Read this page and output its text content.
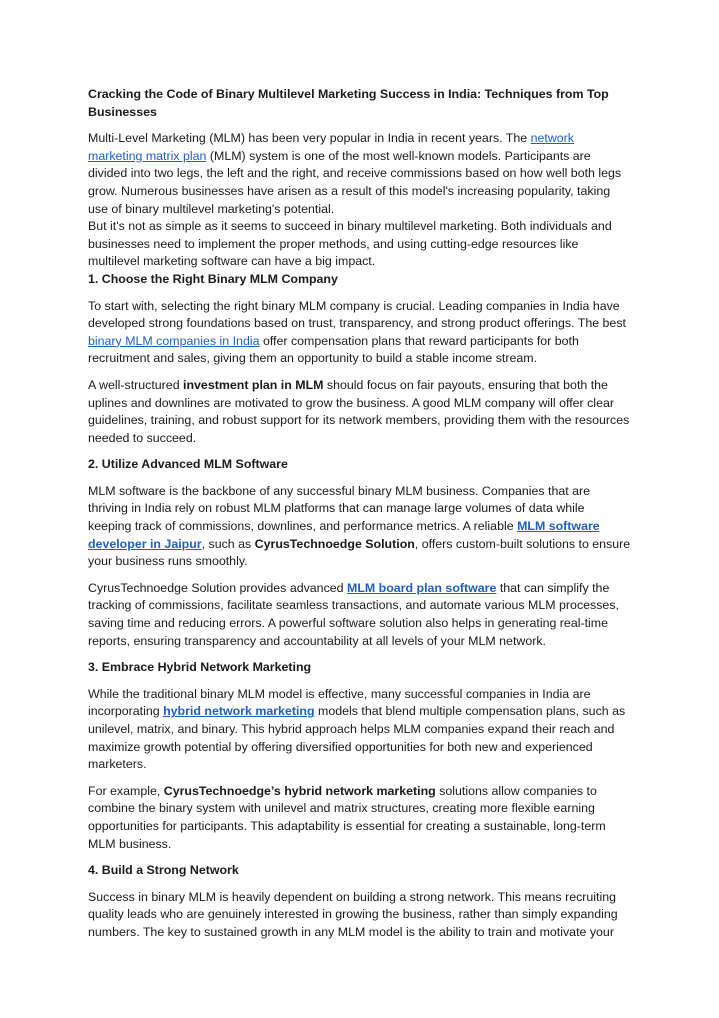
Cracking the Code of Binary Multilevel Marketing Success in India: Techniques from Top Businesses

Multi-Level Marketing (MLM) has been very popular in India in recent years. The network marketing matrix plan (MLM) system is one of the most well-known models. Participants are divided into two legs, the left and the right, and receive commissions based on how well both legs grow. Numerous businesses have arisen as a result of this model's increasing popularity, taking use of binary multilevel marketing's potential.

But it's not as simple as it seems to succeed in binary multilevel marketing. Both individuals and businesses need to implement the proper methods, and using cutting-edge resources like multilevel marketing software can have a big impact.

1. Choose the Right Binary MLM Company

To start with, selecting the right binary MLM company is crucial. Leading companies in India have developed strong foundations based on trust, transparency, and strong product offerings. The best binary MLM companies in India offer compensation plans that reward participants for both recruitment and sales, giving them an opportunity to build a stable income stream.

A well-structured investment plan in MLM should focus on fair payouts, ensuring that both the uplines and downlines are motivated to grow the business. A good MLM company will offer clear guidelines, training, and robust support for its network members, providing them with the resources needed to succeed.

2. Utilize Advanced MLM Software

MLM software is the backbone of any successful binary MLM business. Companies that are thriving in India rely on robust MLM platforms that can manage large volumes of data while keeping track of commissions, downlines, and performance metrics. A reliable MLM software developer in Jaipur, such as CyrusTechnoedge Solution, offers custom-built solutions to ensure your business runs smoothly.

CyrusTechnoedge Solution provides advanced MLM board plan software that can simplify the tracking of commissions, facilitate seamless transactions, and automate various MLM processes, saving time and reducing errors. A powerful software solution also helps in generating real-time reports, ensuring transparency and accountability at all levels of your MLM network.

3. Embrace Hybrid Network Marketing

While the traditional binary MLM model is effective, many successful companies in India are incorporating hybrid network marketing models that blend multiple compensation plans, such as unilevel, matrix, and binary. This hybrid approach helps MLM companies expand their reach and maximize growth potential by offering diversified opportunities for both new and experienced marketers.

For example, CyrusTechnoedge’s hybrid network marketing solutions allow companies to combine the binary system with unilevel and matrix structures, creating more flexible earning opportunities for participants. This adaptability is essential for creating a sustainable, long-term MLM business.

4. Build a Strong Network

Success in binary MLM is heavily dependent on building a strong network. This means recruiting quality leads who are genuinely interested in growing the business, rather than simply expanding numbers. The key to sustained growth in any MLM model is the ability to train and motivate your
